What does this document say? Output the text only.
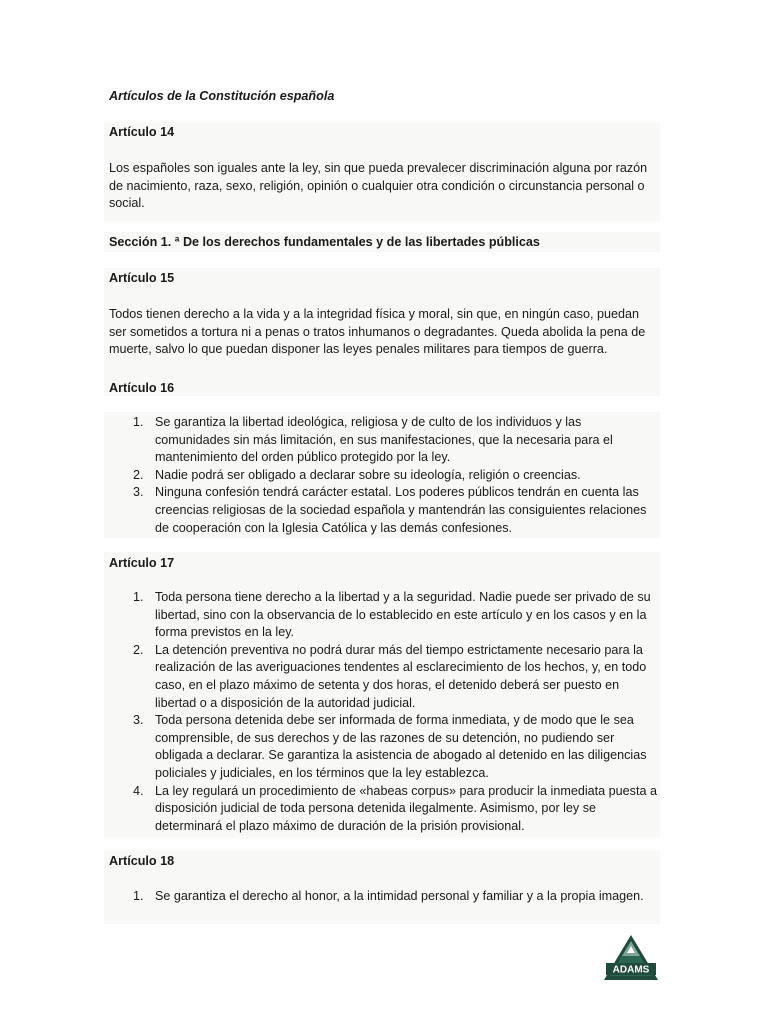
Artículos de la Constitución española

Artículo 14

Los españoles son iguales ante la ley, sin que pueda prevalecer discriminación alguna por razón de nacimiento, raza, sexo, religión, opinión o cualquier otra condición o circunstancia personal o social.

Sección 1. ª De los derechos fundamentales y de las libertades públicas

Artículo 15

Todos tienen derecho a la vida y a la integridad física y moral, sin que, en ningún caso, puedan ser sometidos a tortura ni a penas o tratos inhumanos o degradantes. Queda abolida la pena de muerte, salvo lo que puedan disponer las leyes penales militares para tiempos de guerra.

Artículo 16

1. Se garantiza la libertad ideológica, religiosa y de culto de los individuos y las comunidades sin más limitación, en sus manifestaciones, que la necesaria para el mantenimiento del orden público protegido por la ley.
2. Nadie podrá ser obligado a declarar sobre su ideología, religión o creencias.
3. Ninguna confesión tendrá carácter estatal. Los poderes públicos tendrán en cuenta las creencias religiosas de la sociedad española y mantendrán las consiguientes relaciones de cooperación con la Iglesia Católica y las demás confesiones.

Artículo 17

1. Toda persona tiene derecho a la libertad y a la seguridad. Nadie puede ser privado de su libertad, sino con la observancia de lo establecido en este artículo y en los casos y en la forma previstos en la ley.
2. La detención preventiva no podrá durar más del tiempo estrictamente necesario para la realización de las averiguaciones tendentes al esclarecimiento de los hechos, y, en todo caso, en el plazo máximo de setenta y dos horas, el detenido deberá ser puesto en libertad o a disposición de la autoridad judicial.
3. Toda persona detenida debe ser informada de forma inmediata, y de modo que le sea comprensible, de sus derechos y de las razones de su detención, no pudiendo ser obligada a declarar. Se garantiza la asistencia de abogado al detenido en las diligencias policiales y judiciales, en los términos que la ley establezca.
4. La ley regulará un procedimiento de «habeas corpus» para producir la inmediata puesta a disposición judicial de toda persona detenida ilegalmente. Asimismo, por ley se determinará el plazo máximo de duración de la prisión provisional.

Artículo 18

1. Se garantiza el derecho al honor, a la intimidad personal y familiar y a la propia imagen.
ADAMS
